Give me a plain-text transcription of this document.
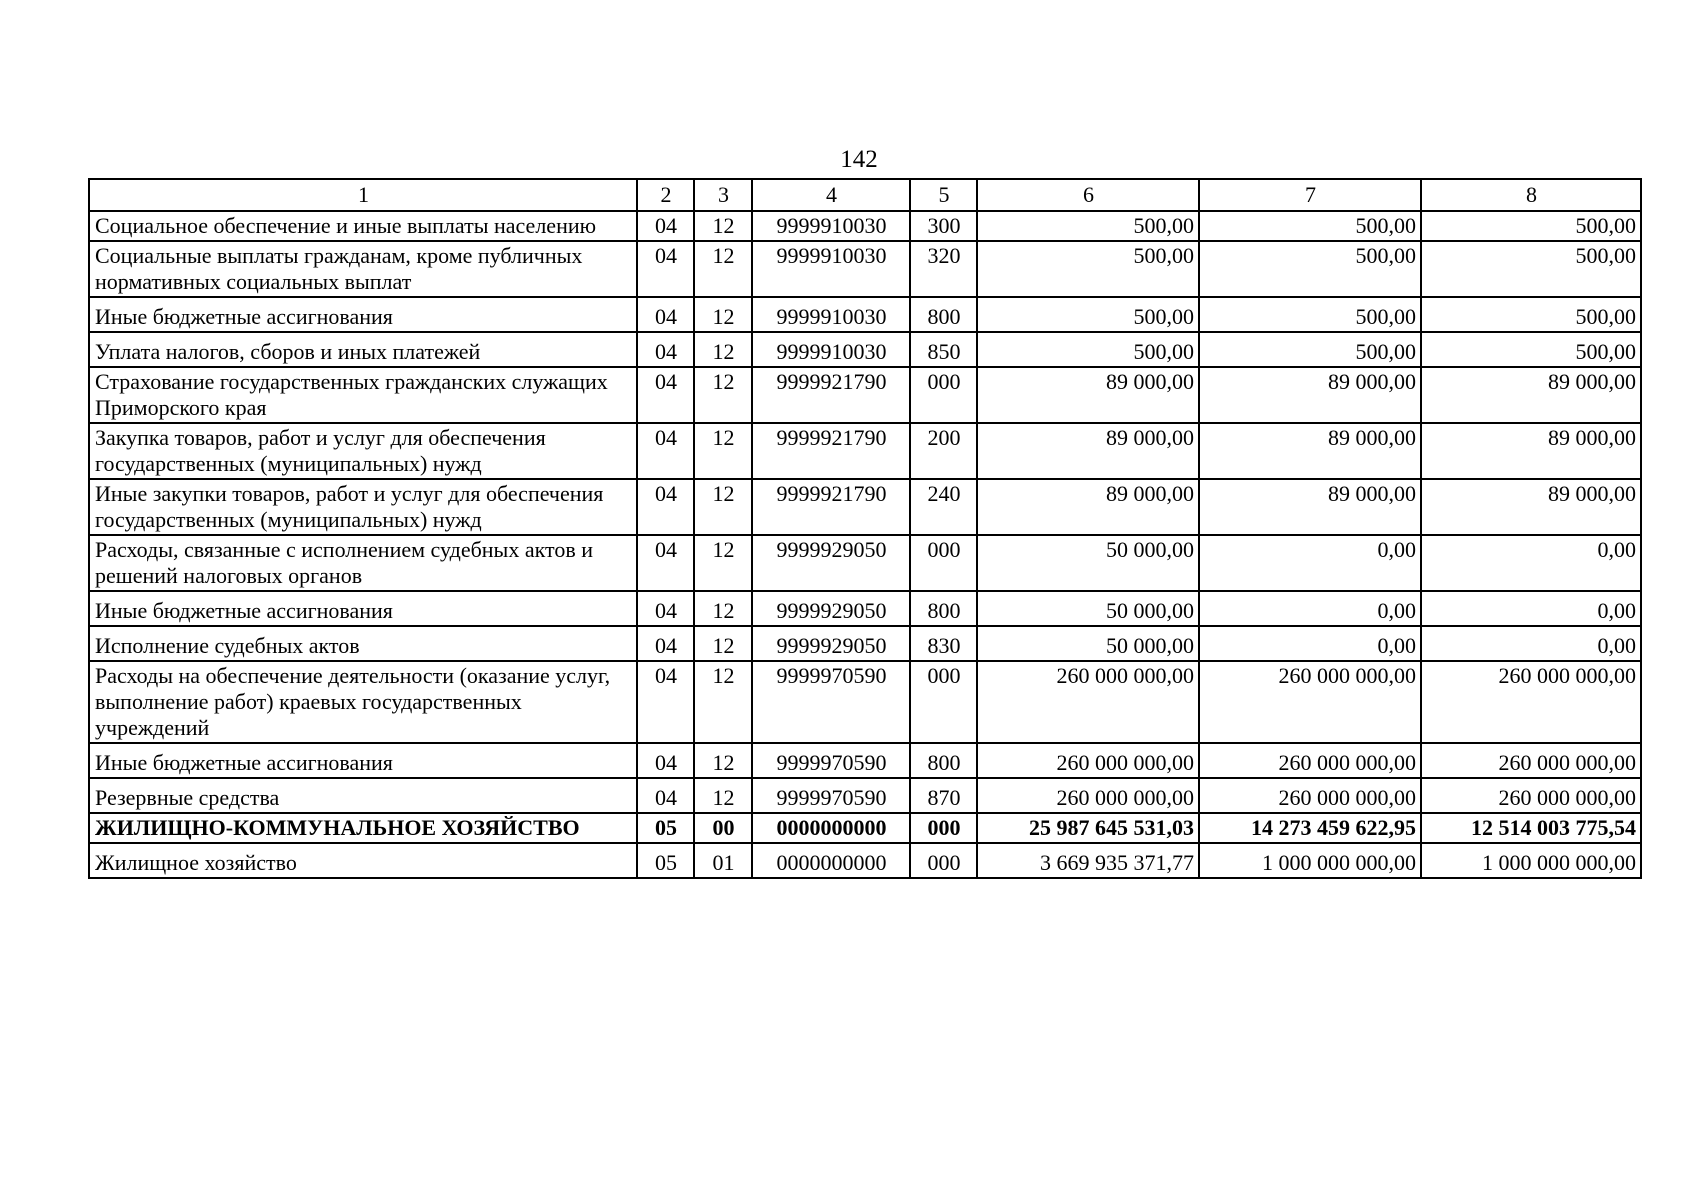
142
1	2	3	4	5	6	7	8
Социальное обеспечение и иные выплаты населению	04	12	9999910030	300	500,00	500,00	500,00
Социальные выплаты гражданам, кроме публичных нормативных социальных выплат	04	12	9999910030	320	500,00	500,00	500,00
Иные бюджетные ассигнования	04	12	9999910030	800	500,00	500,00	500,00
Уплата налогов, сборов и иных платежей	04	12	9999910030	850	500,00	500,00	500,00
Страхование государственных гражданских служащих Приморского края	04	12	9999921790	000	89 000,00	89 000,00	89 000,00
Закупка товаров, работ и услуг для обеспечения государственных (муниципальных) нужд	04	12	9999921790	200	89 000,00	89 000,00	89 000,00
Иные закупки товаров, работ и услуг для обеспечения государственных (муниципальных) нужд	04	12	9999921790	240	89 000,00	89 000,00	89 000,00
Расходы, связанные с исполнением судебных актов и решений налоговых органов	04	12	9999929050	000	50 000,00	0,00	0,00
Иные бюджетные ассигнования	04	12	9999929050	800	50 000,00	0,00	0,00
Исполнение судебных актов	04	12	9999929050	830	50 000,00	0,00	0,00
Расходы на обеспечение деятельности (оказание услуг, выполнение работ) краевых государственных учреждений	04	12	9999970590	000	260 000 000,00	260 000 000,00	260 000 000,00
Иные бюджетные ассигнования	04	12	9999970590	800	260 000 000,00	260 000 000,00	260 000 000,00
Резервные средства	04	12	9999970590	870	260 000 000,00	260 000 000,00	260 000 000,00
ЖИЛИЩНО-КОММУНАЛЬНОЕ ХОЗЯЙСТВО	05	00	0000000000	000	25 987 645 531,03	14 273 459 622,95	12 514 003 775,54
Жилищное хозяйство	05	01	0000000000	000	3 669 935 371,77	1 000 000 000,00	1 000 000 000,00
